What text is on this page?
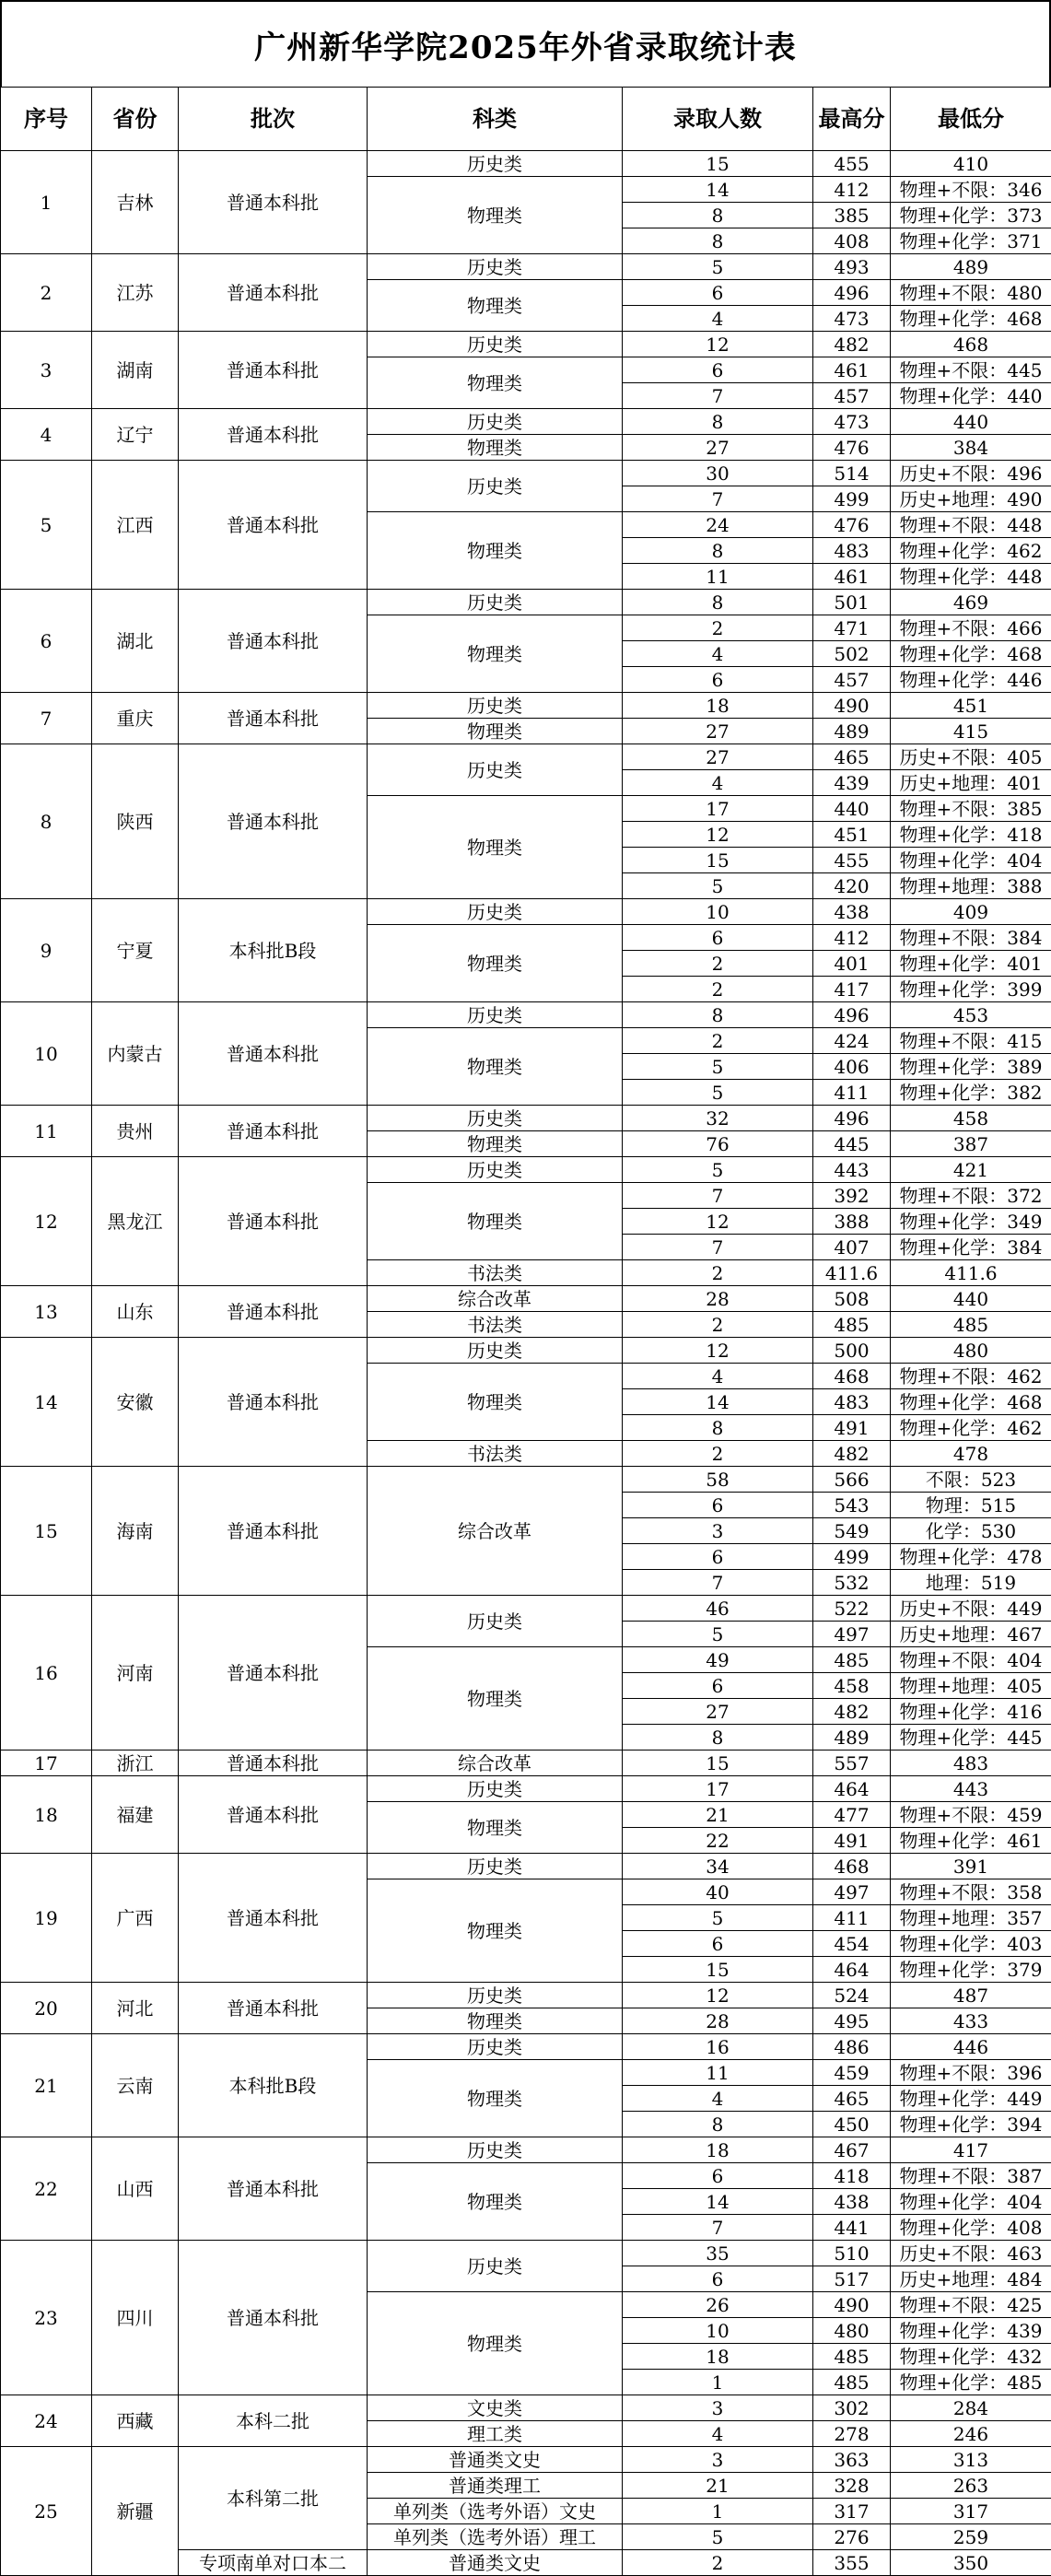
广州新华学院2025年外省录取统计表
序号	省份	批次	科类	录取人数	最高分	最低分
1	吉林	普通本科批	历史类	15	455	410
			物理类	14	412	物理+不限：346
				8	385	物理+化学：373
				8	408	物理+化学：371
2	江苏	普通本科批	历史类	5	493	489
			物理类	6	496	物理+不限：480
				4	473	物理+化学：468
3	湖南	普通本科批	历史类	12	482	468
			物理类	6	461	物理+不限：445
				7	457	物理+化学：440
4	辽宁	普通本科批	历史类	8	473	440
			物理类	27	476	384
5	江西	普通本科批	历史类	30	514	历史+不限：496
				7	499	历史+地理：490
			物理类	24	476	物理+不限：448
				8	483	物理+化学：462
				11	461	物理+化学：448
6	湖北	普通本科批	历史类	8	501	469
			物理类	2	471	物理+不限：466
				4	502	物理+化学：468
				6	457	物理+化学：446
7	重庆	普通本科批	历史类	18	490	451
			物理类	27	489	415
8	陕西	普通本科批	历史类	27	465	历史+不限：405
				4	439	历史+地理：401
			物理类	17	440	物理+不限：385
				12	451	物理+化学：418
				15	455	物理+化学：404
				5	420	物理+地理：388
9	宁夏	本科批B段	历史类	10	438	409
			物理类	6	412	物理+不限：384
				2	401	物理+化学：401
				2	417	物理+化学：399
10	内蒙古	普通本科批	历史类	8	496	453
			物理类	2	424	物理+不限：415
				5	406	物理+化学：389
				5	411	物理+化学：382
11	贵州	普通本科批	历史类	32	496	458
			物理类	76	445	387
12	黑龙江	普通本科批	历史类	5	443	421
			物理类	7	392	物理+不限：372
				12	388	物理+化学：349
				7	407	物理+化学：384
			书法类	2	411.6	411.6
13	山东	普通本科批	综合改革	28	508	440
			书法类	2	485	485
14	安徽	普通本科批	历史类	12	500	480
			物理类	4	468	物理+不限：462
				14	483	物理+化学：468
				8	491	物理+化学：462
			书法类	2	482	478
15	海南	普通本科批	综合改革	58	566	不限：523
				6	543	物理：515
				3	549	化学：530
				6	499	物理+化学：478
				7	532	地理：519
16	河南	普通本科批	历史类	46	522	历史+不限：449
				5	497	历史+地理：467
			物理类	49	485	物理+不限：404
				6	458	物理+地理：405
				27	482	物理+化学：416
				8	489	物理+化学：445
17	浙江	普通本科批	综合改革	15	557	483
18	福建	普通本科批	历史类	17	464	443
			物理类	21	477	物理+不限：459
				22	491	物理+化学：461
19	广西	普通本科批	历史类	34	468	391
			物理类	40	497	物理+不限：358
				5	411	物理+地理：357
				6	454	物理+化学：403
				15	464	物理+化学：379
20	河北	普通本科批	历史类	12	524	487
			物理类	28	495	433
21	云南	本科批B段	历史类	16	486	446
			物理类	11	459	物理+不限：396
				4	465	物理+化学：449
				8	450	物理+化学：394
22	山西	普通本科批	历史类	18	467	417
			物理类	6	418	物理+不限：387
				14	438	物理+化学：404
				7	441	物理+化学：408
23	四川	普通本科批	历史类	35	510	历史+不限：463
				6	517	历史+地理：484
			物理类	26	490	物理+不限：425
				10	480	物理+化学：439
				18	485	物理+化学：432
				1	485	物理+化学：485
24	西藏	本科二批	文史类	3	302	284
			理工类	4	278	246
25	新疆	本科第二批	普通类文史	3	363	313
			普通类理工	21	328	263
			单列类（选考外语）文史	1	317	317
			单列类（选考外语）理工	5	276	259
		专项南单对口本二	普通类文史	2	355	350
